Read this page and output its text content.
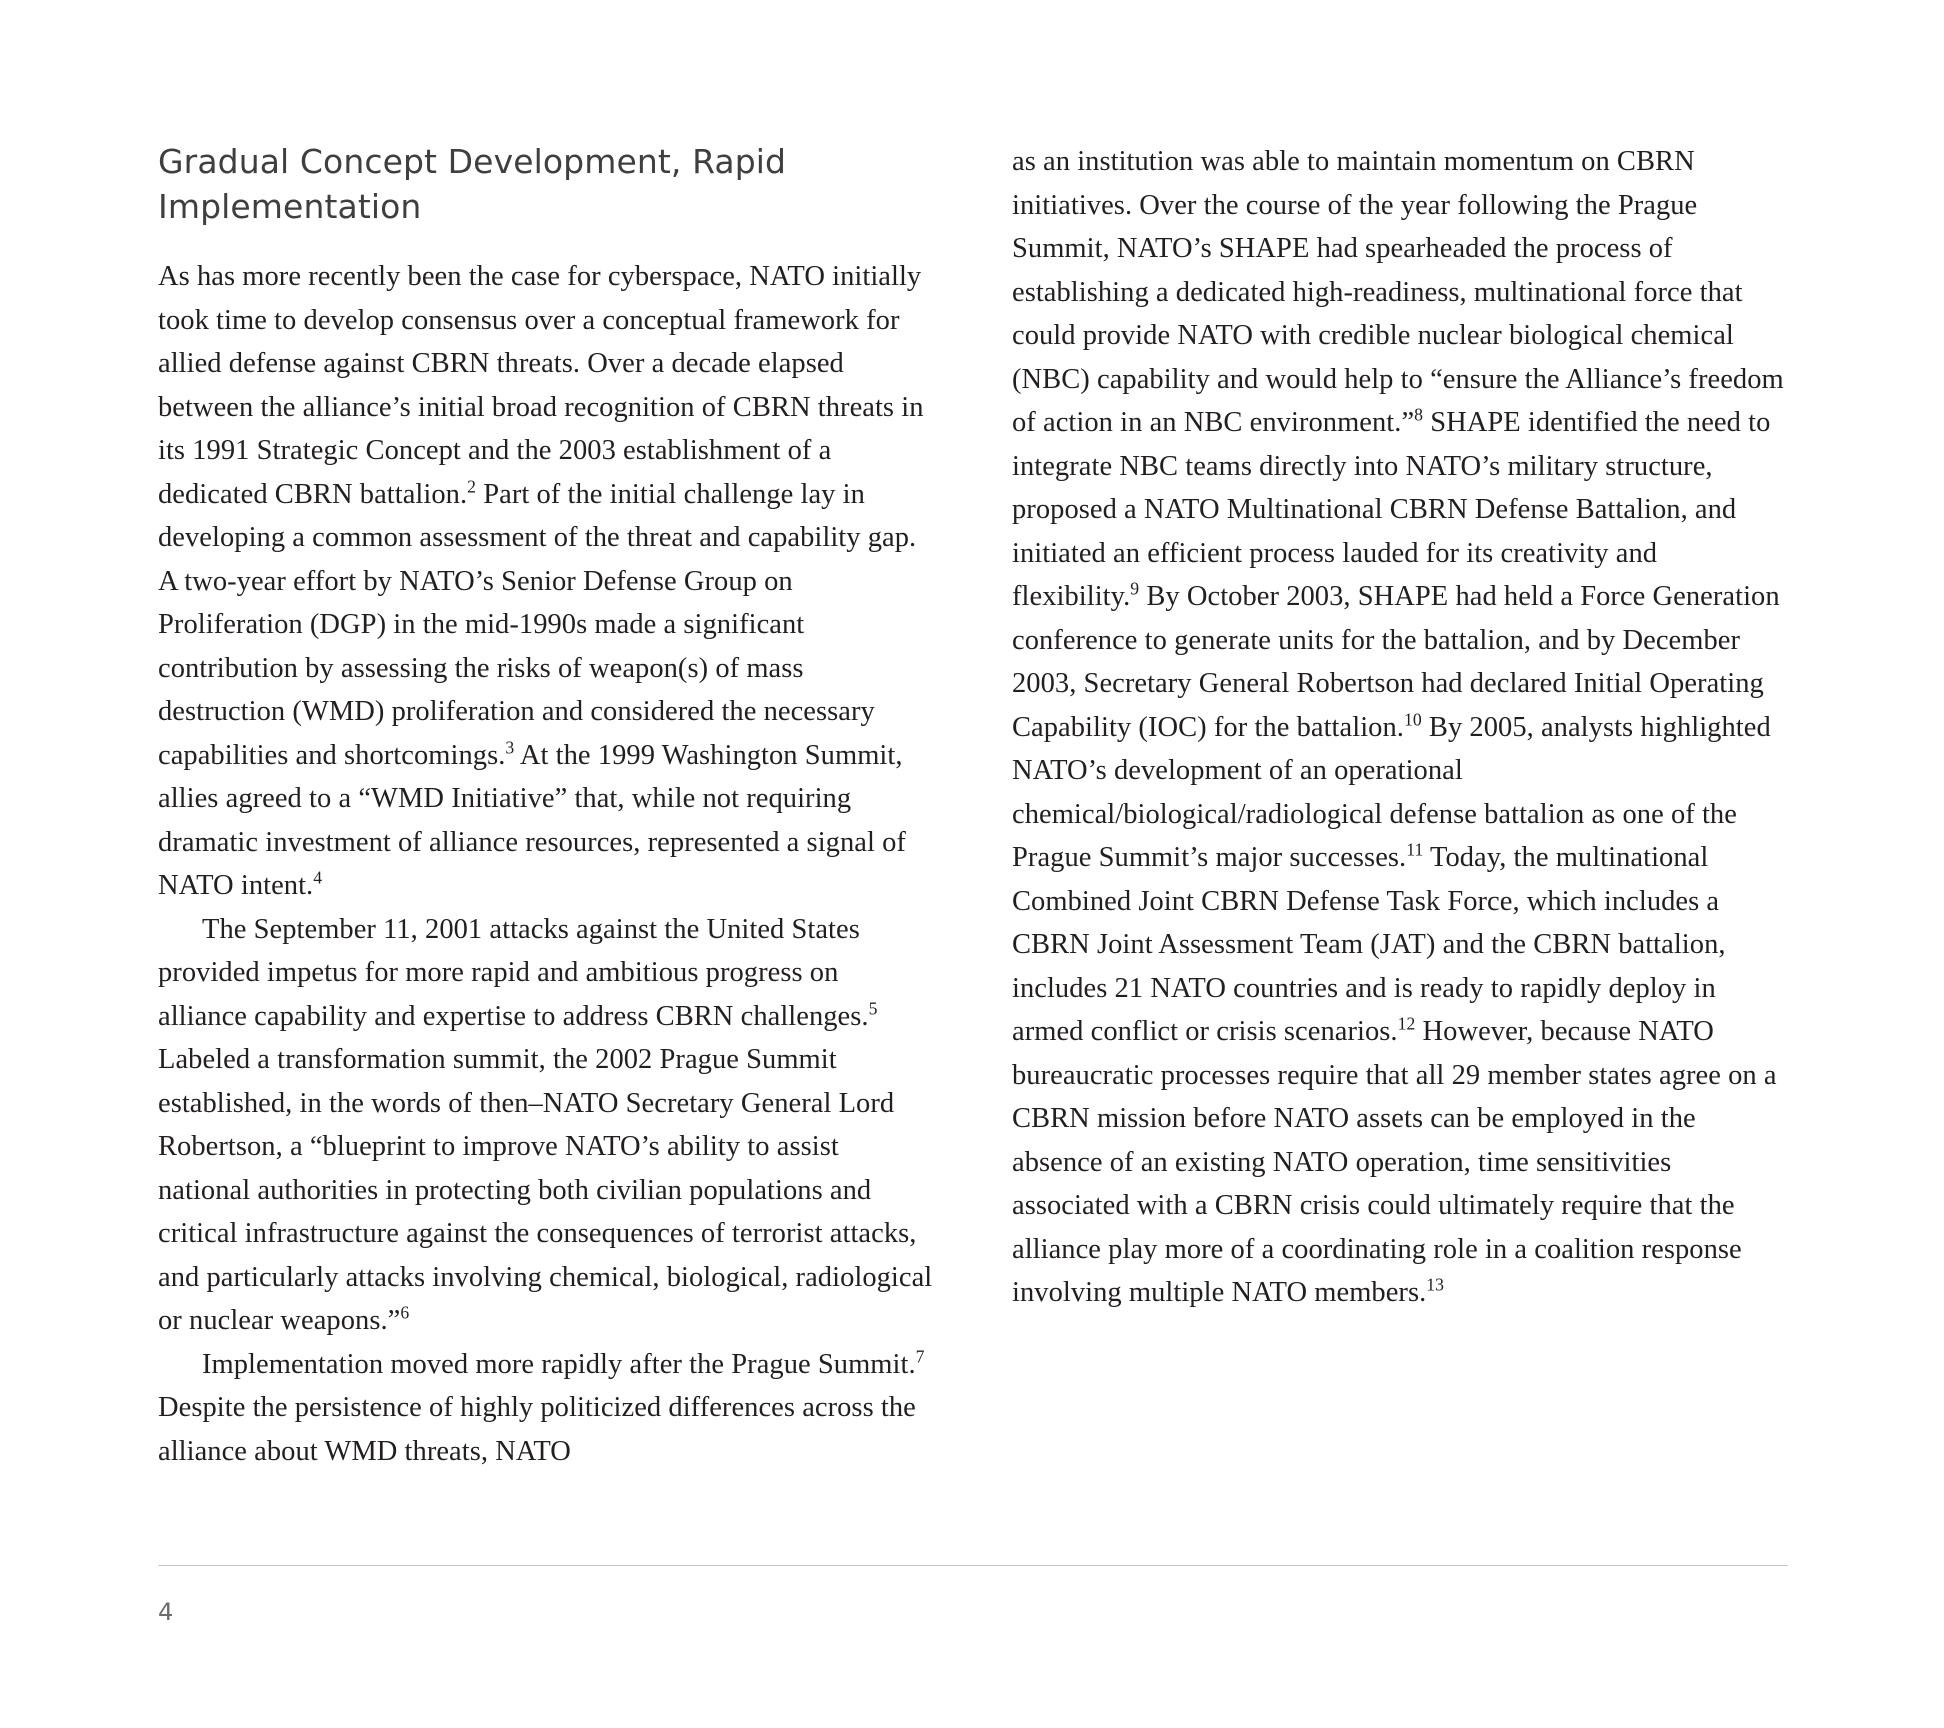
Gradual Concept Development, Rapid Implementation

As has more recently been the case for cyberspace, NATO initially took time to develop consensus over a conceptual framework for allied defense against CBRN threats. Over a decade elapsed between the alliance’s initial broad recognition of CBRN threats in its 1991 Strategic Concept and the 2003 establishment of a dedicated CBRN battalion.$^2$ Part of the initial challenge lay in developing a common assessment of the threat and capability gap. A two-year effort by NATO’s Senior Defense Group on Proliferation (DGP) in the mid-1990s made a significant contribution by assessing the risks of weapon(s) of mass destruction (WMD) proliferation and considered the necessary capabilities and shortcomings.$^3$ At the 1999 Washington Summit, allies agreed to a “WMD Initiative” that, while not requiring dramatic investment of alliance resources, represented a signal of NATO intent.$^4$

The September 11, 2001 attacks against the United States provided impetus for more rapid and ambitious progress on alliance capability and expertise to address CBRN challenges.$^5$ Labeled a transformation summit, the 2002 Prague Summit established, in the words of then–NATO Secretary General Lord Robertson, a “blueprint to improve NATO’s ability to assist national authorities in protecting both civilian populations and critical infrastructure against the consequences of terrorist attacks, and particularly attacks involving chemical, biological, radiological or nuclear weapons.”$^6$

Implementation moved more rapidly after the Prague Summit.$^7$ Despite the persistence of highly politicized differences across the alliance about WMD threats, NATO

as an institution was able to maintain momentum on CBRN initiatives. Over the course of the year following the Prague Summit, NATO’s SHAPE had spearheaded the process of establishing a dedicated high-readiness, multinational force that could provide NATO with credible nuclear biological chemical (NBC) capability and would help to “ensure the Alliance’s freedom of action in an NBC environment.”$^8$ SHAPE identified the need to integrate NBC teams directly into NATO’s military structure, proposed a NATO Multinational CBRN Defense Battalion, and initiated an efficient process lauded for its creativity and flexibility.$^9$ By October 2003, SHAPE had held a Force Generation conference to generate units for the battalion, and by December 2003, Secretary General Robertson had declared Initial Operating Capability (IOC) for the battalion.$^{10}$ By 2005, analysts highlighted NATO’s development of an operational chemical/biological/radiological defense battalion as one of the Prague Summit’s major successes.$^{11}$ Today, the multinational Combined Joint CBRN Defense Task Force, which includes a CBRN Joint Assessment Team (JAT) and the CBRN battalion, includes 21 NATO countries and is ready to rapidly deploy in armed conflict or crisis scenarios.$^{12}$ However, because NATO bureaucratic processes require that all 29 member states agree on a CBRN mission before NATO assets can be employed in the absence of an existing NATO operation, time sensitivities associated with a CBRN crisis could ultimately require that the alliance play more of a coordinating role in a coalition response involving multiple NATO members.$^{13}$

4
